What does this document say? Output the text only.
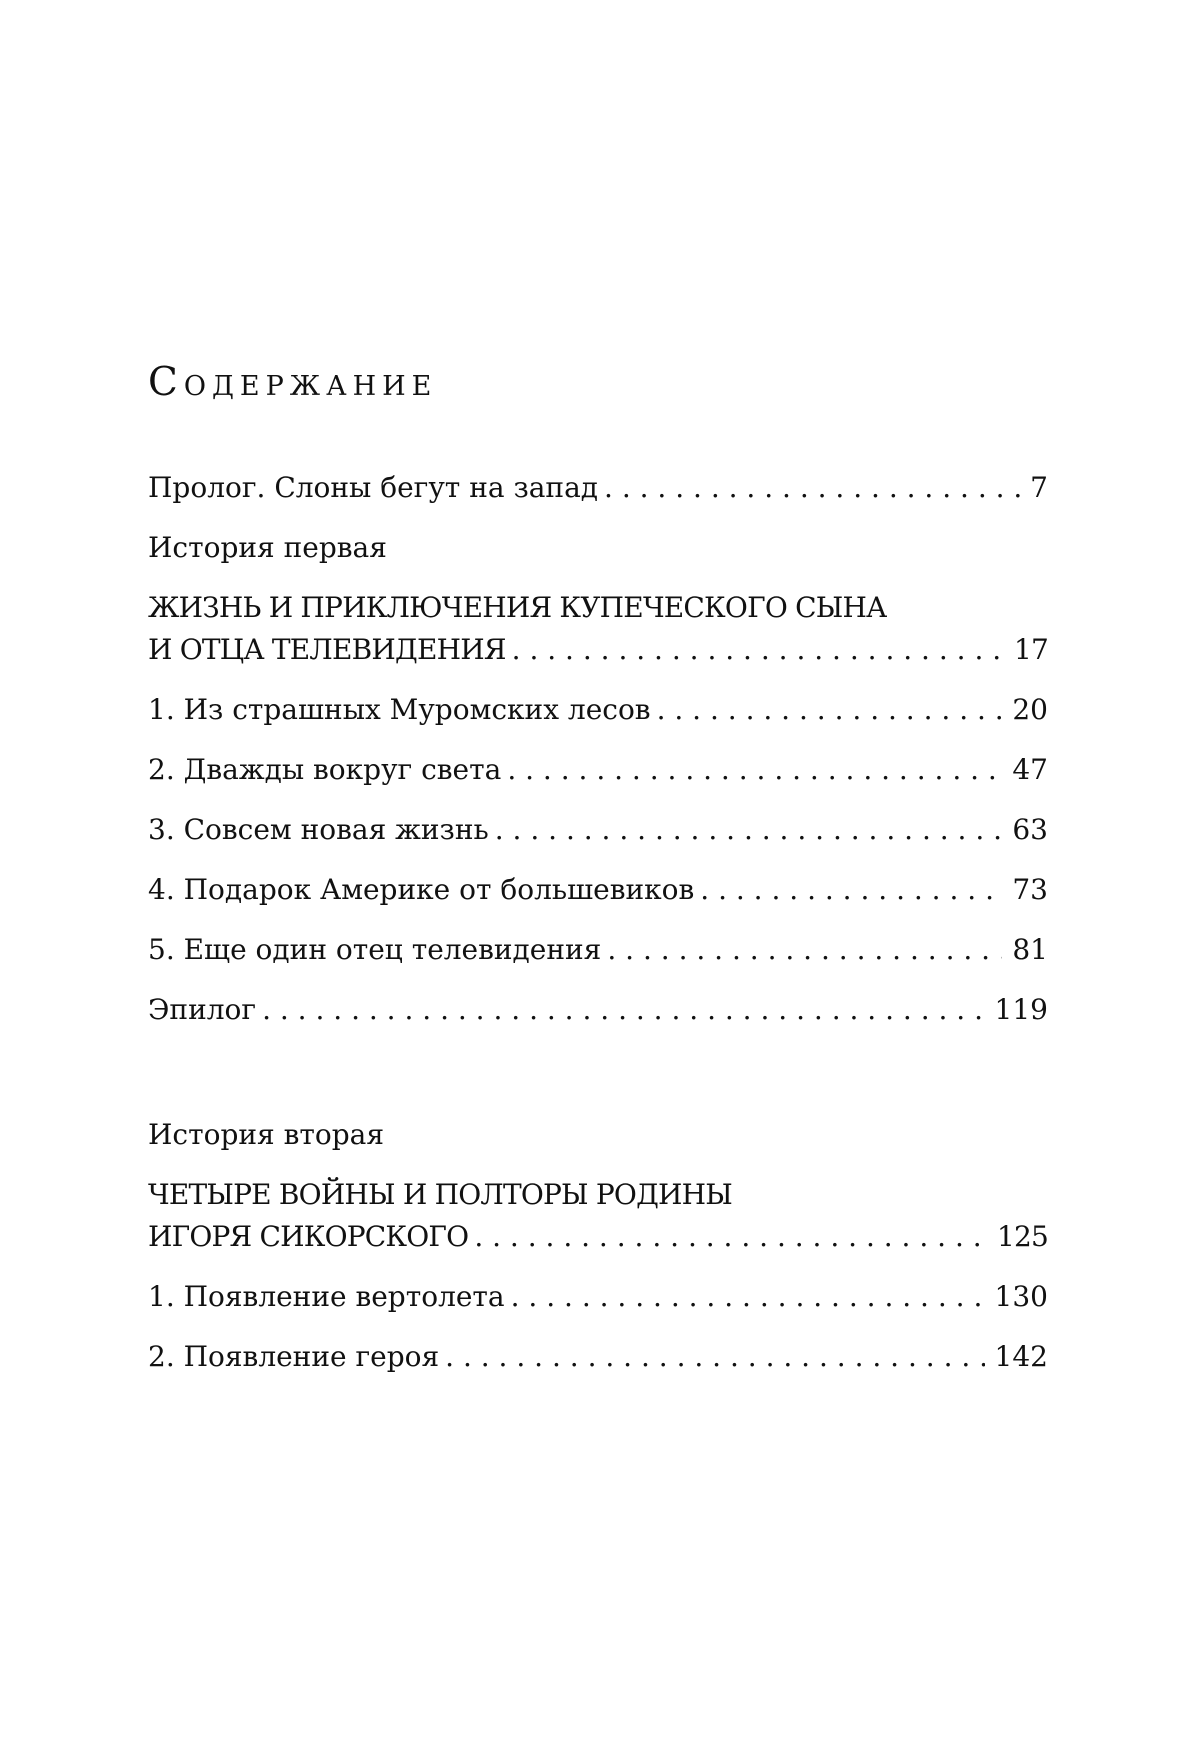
Содержание
Пролог. Слоны бегут на запад . . .	7
История первая
ЖИЗНЬ И ПРИКЛЮЧЕНИЯ КУПЕЧЕСКОГО СЫНА
И ОТЦА ТЕЛЕВИДЕНИЯ . . .	17
1. Из страшных Муромских лесов . . .	20
2. Дважды вокруг света . . .	47
3. Совсем новая жизнь . . .	63
4. Подарок Америке от большевиков . . .	73
5. Еще один отец телевидения . . .	81
Эпилог . . .	119
История вторая
ЧЕТЫРЕ ВОЙНЫ И ПОЛТОРЫ РОДИНЫ
ИГОРЯ СИКОРСКОГО . . .	125
1. Появление вертолета . . .	130
2. Появление героя . . .	142
